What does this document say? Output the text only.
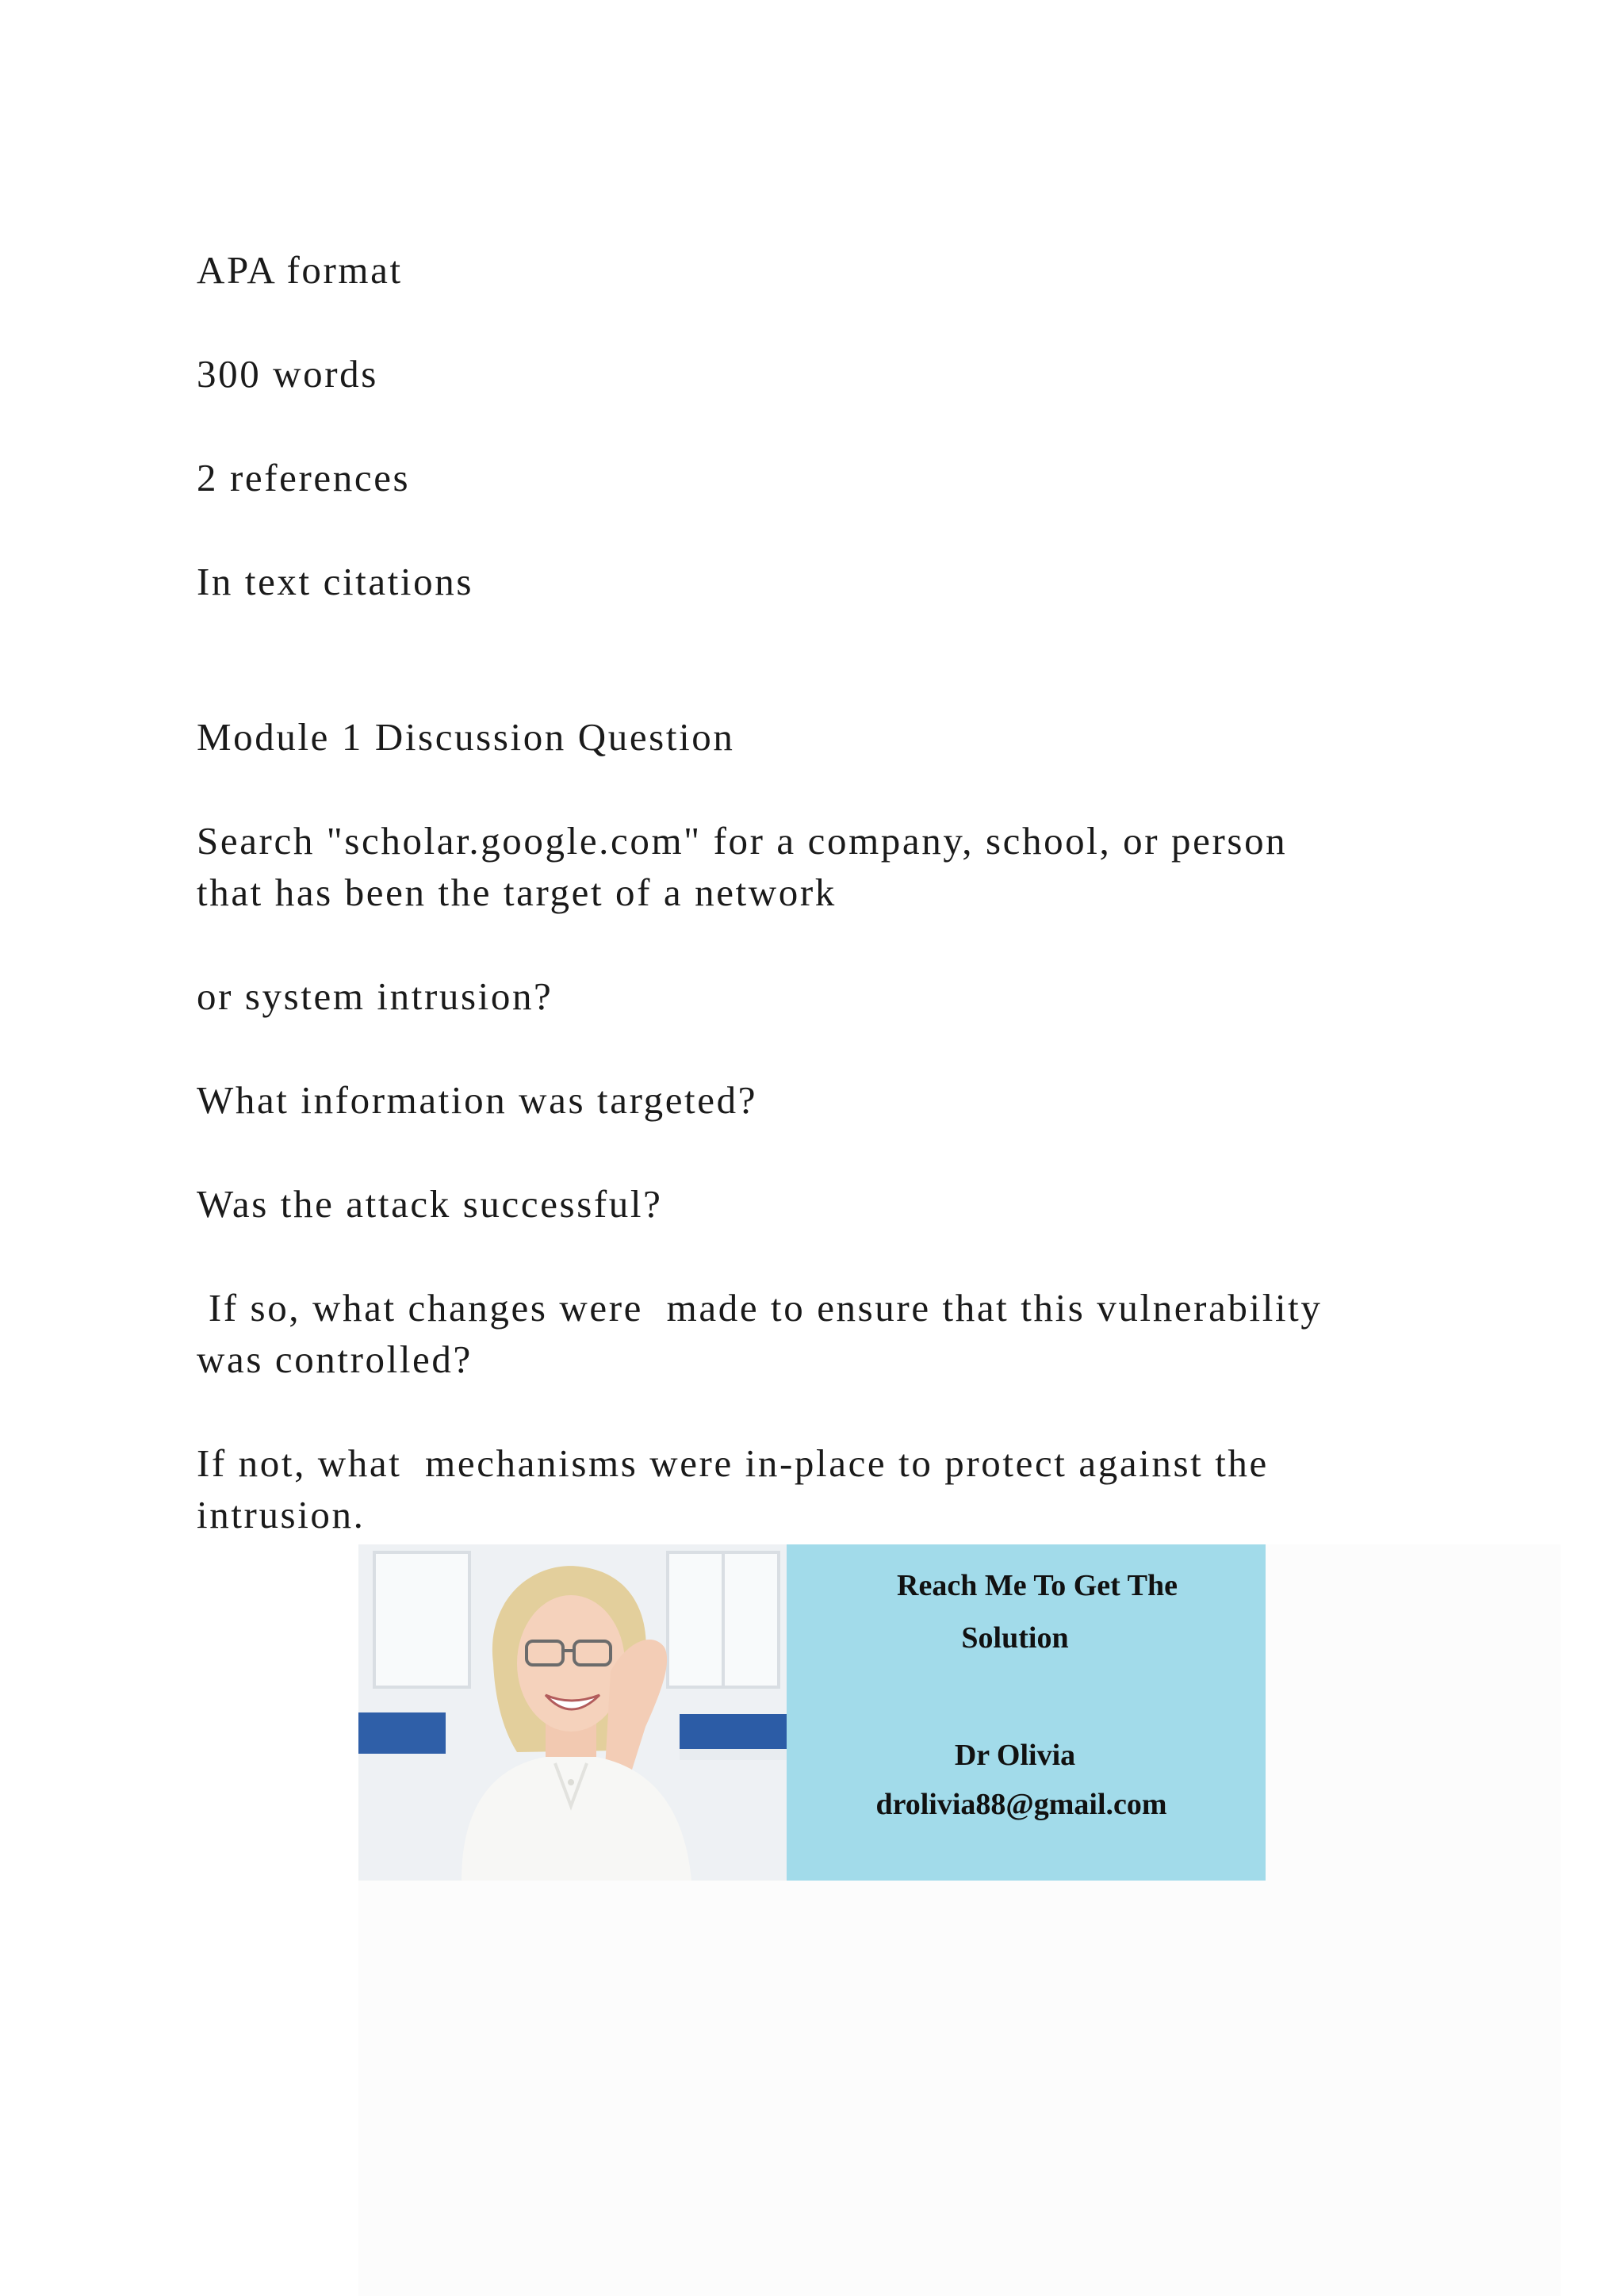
APA format

300 words

2 references

In text citations

Module 1 Discussion Question

Search "scholar.google.com" for a company, school, or person
that has been the target of a network

or system intrusion?

What information was targeted?

Was the attack successful?

If so, what changes were  made to ensure that this vulnerability
was controlled?

If not, what  mechanisms were in-place to protect against the
intrusion.

Reach Me To Get The
Solution
Dr Olivia
drolivia88@gmail.com
